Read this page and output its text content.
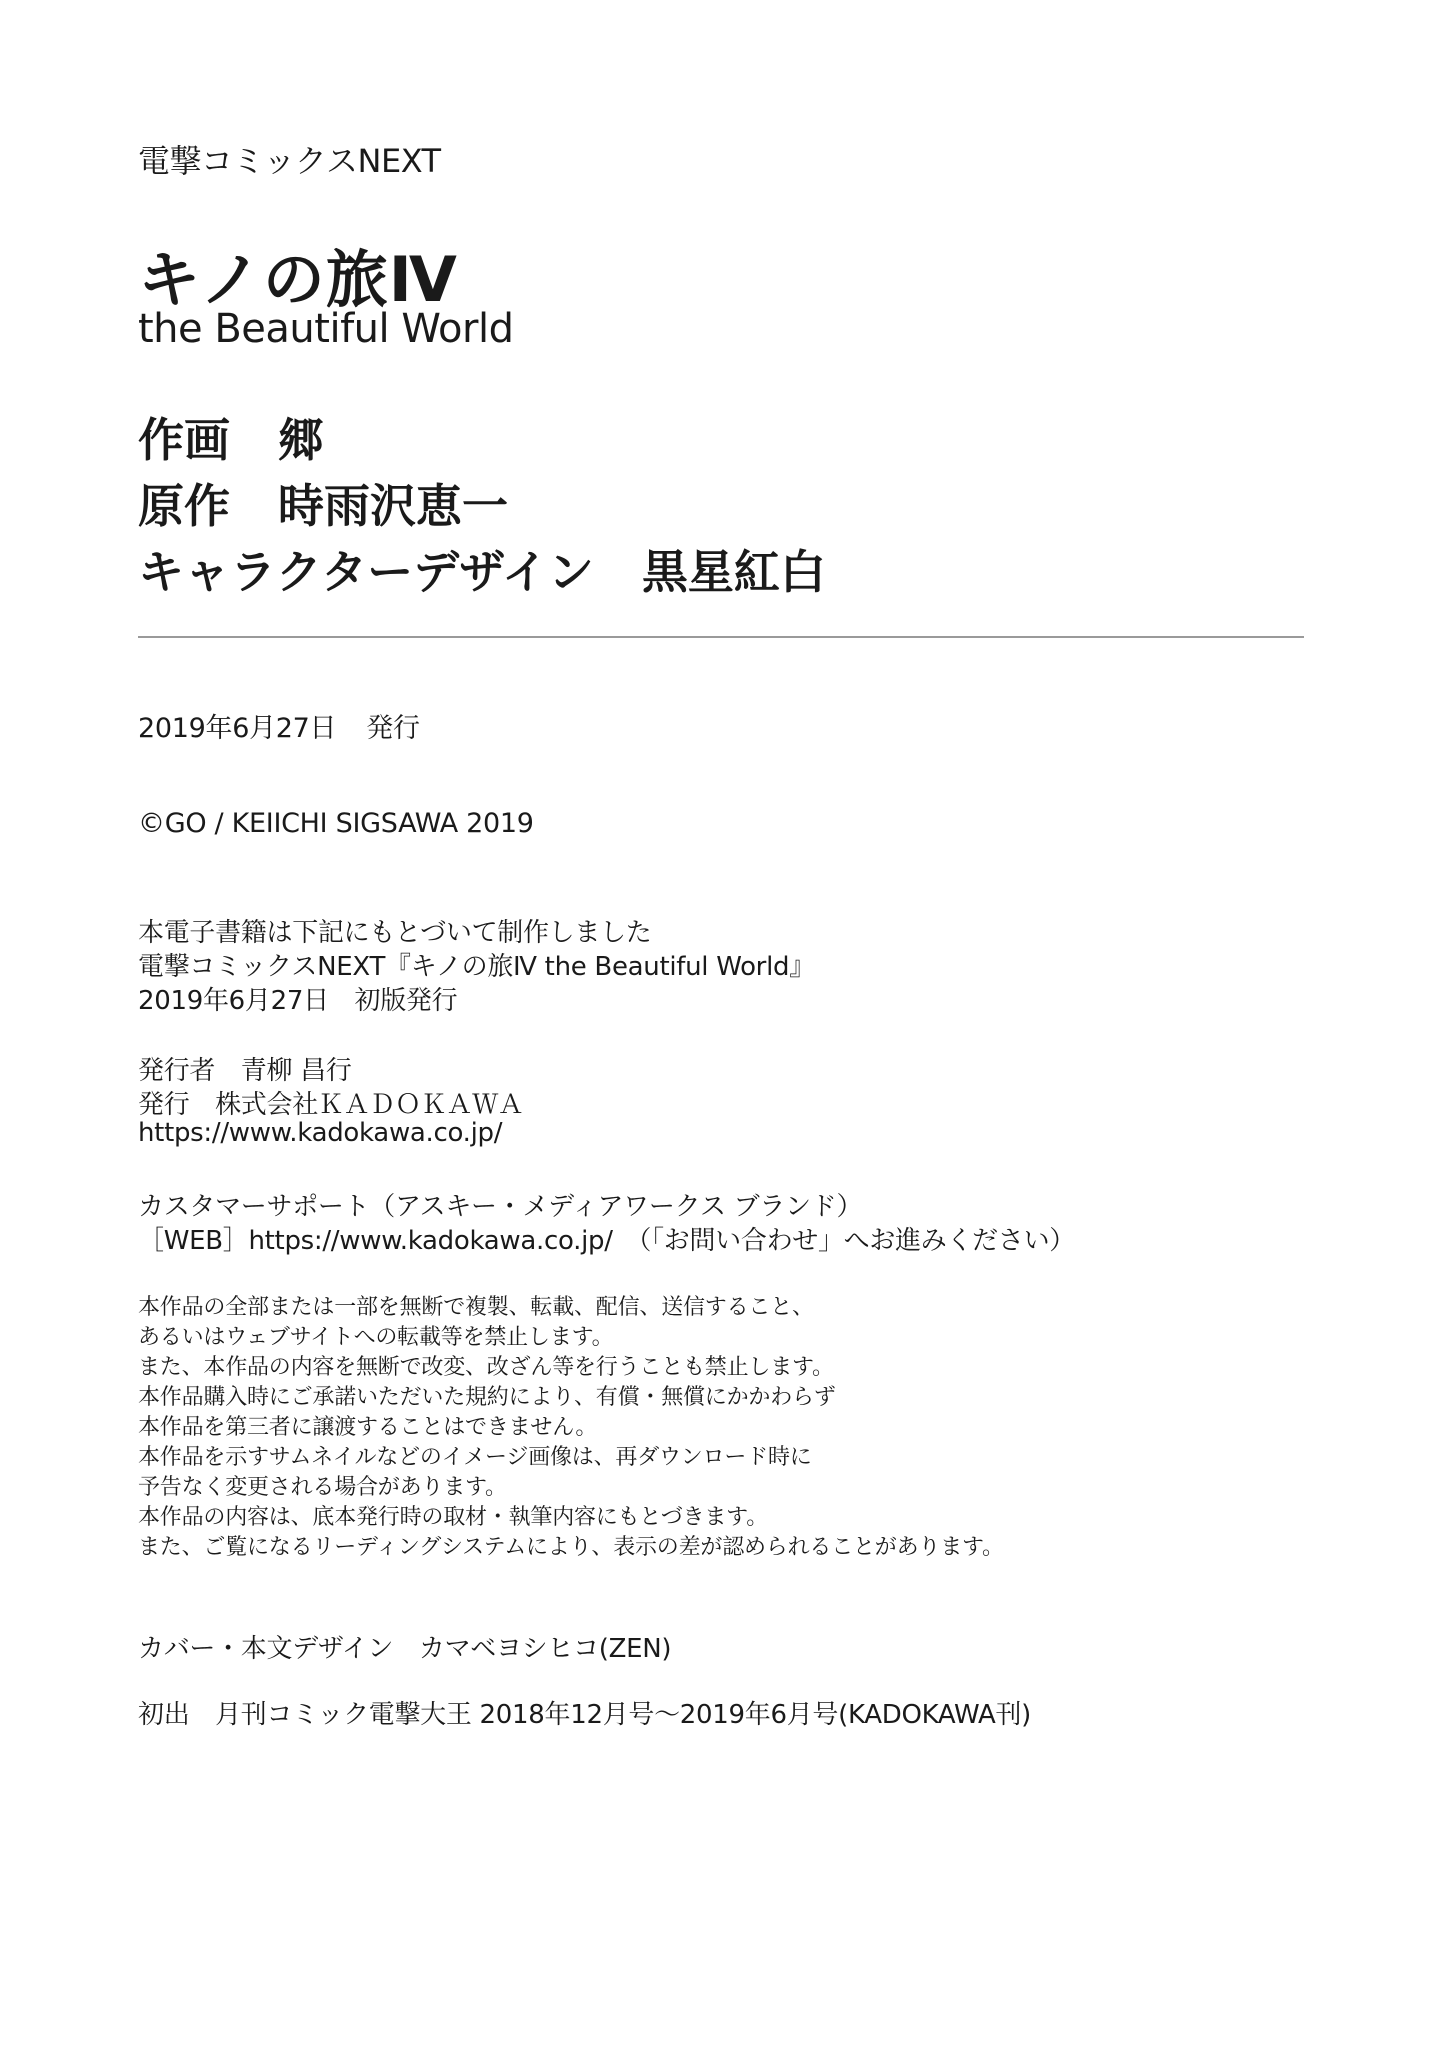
電撃コミックスNEXT

キノの旅Ⅳ

the Beautiful World

作画 郷

原作 時雨沢恵一

キャラクターデザイン 黒星紅白

2019年6月27日 発行

©GO / KEIICHI SIGSAWA 2019

本電子書籍は下記にもとづいて制作しました

電撃コミックスNEXT『キノの旅Ⅳ the Beautiful World』

2019年6月27日　初版発行

発行者　青柳 昌行

発行　株式会社ＫＡＤＯＫＡＷＡ

https://www.kadokawa.co.jp/

カスタマーサポート（アスキー・メディアワークス ブランド）

［WEB］https://www.kadokawa.co.jp/　（「お問い合わせ」へお進みください）

本作品の全部または一部を無断で複製、転載、配信、送信すること、

あるいはウェブサイトへの転載等を禁止します。

また、本作品の内容を無断で改変、改ざん等を行うことも禁止します。

本作品購入時にご承諾いただいた規約により、有償・無償にかかわらず

本作品を第三者に譲渡することはできません。

本作品を示すサムネイルなどのイメージ画像は、再ダウンロード時に

予告なく変更される場合があります。

本作品の内容は、底本発行時の取材・執筆内容にもとづきます。

また、ご覧になるリーディングシステムにより、表示の差が認められることがあります。

カバー・本文デザイン　カマベヨシヒコ(ZEN)

初出　月刊コミック電撃大王 2018年12月号～2019年6月号(KADOKAWA刊)
